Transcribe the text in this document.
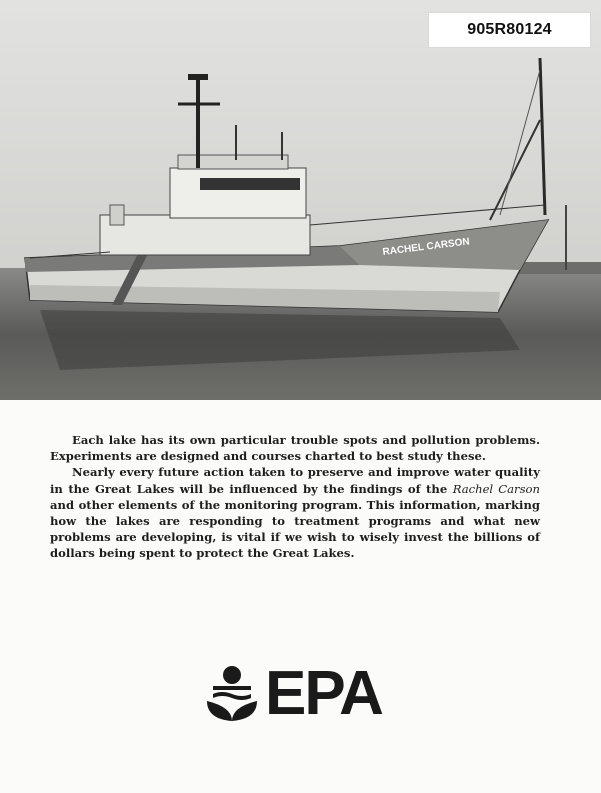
RACHEL CARSON
905R80124

Each lake has its own particular trouble spots and pollution problems. Experiments are designed and courses charted to best study these.

Nearly every future action taken to preserve and improve water quality in the Great Lakes will be influenced by the findings of the Rachel Carson and other elements of the monitoring program. This information, marking how the lakes are responding to treatment programs and what new problems are developing, is vital if we wish to wisely invest the billions of dollars being spent to protect the Great Lakes.

EPA
